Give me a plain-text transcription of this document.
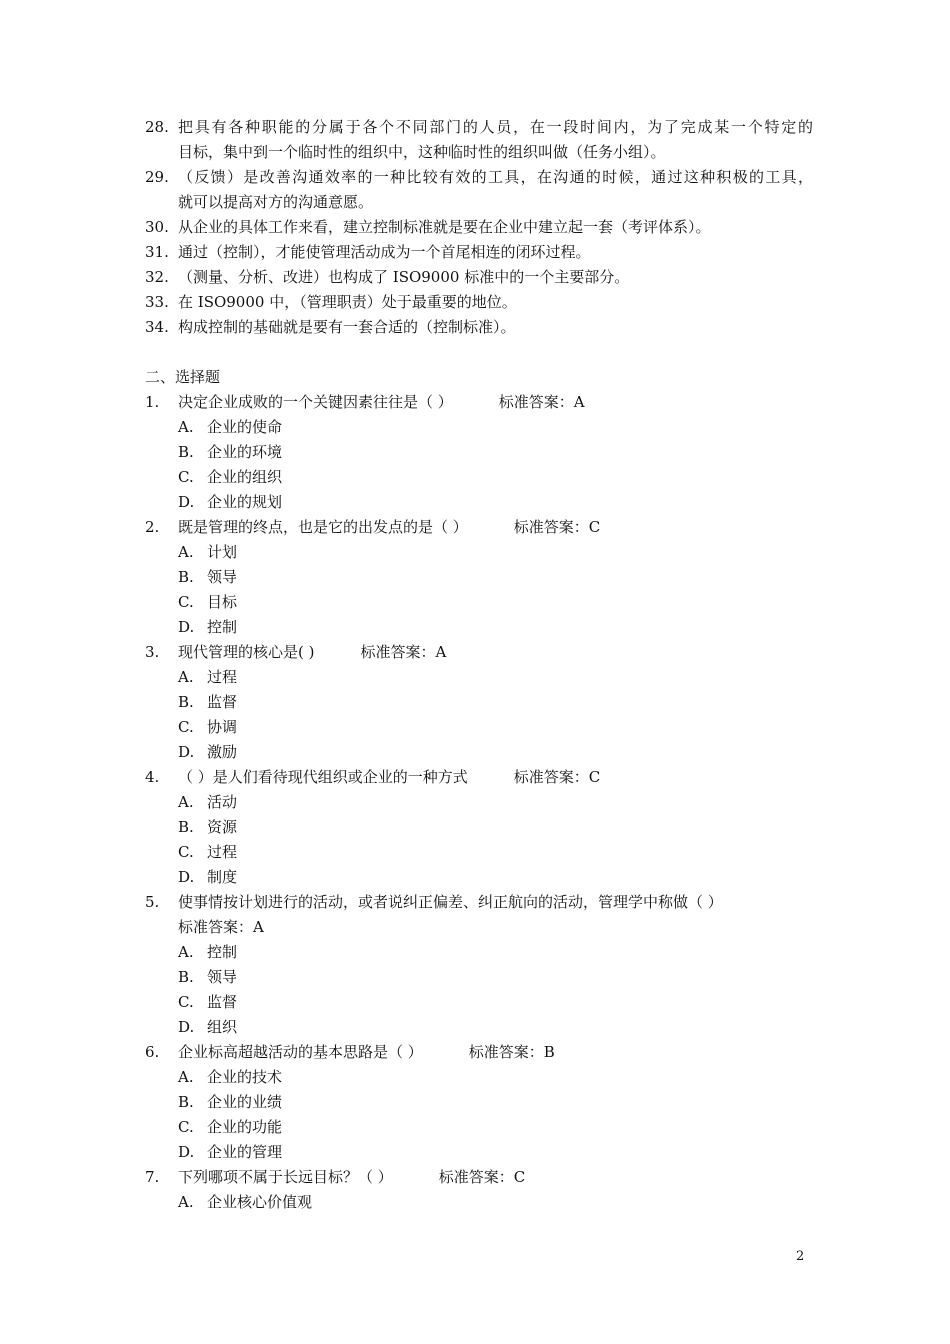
28. 把具有各种职能的分属于各个不同部门的人员，在一段时间内，为了完成某一个特定的
目标，集中到一个临时性的组织中，这种临时性的组织叫做（任务小组）。
29. （反馈）是改善沟通效率的一种比较有效的工具，在沟通的时候，通过这种积极的工具，
就可以提高对方的沟通意愿。
30. 从企业的具体工作来看，建立控制标准就是要在企业中建立起一套（考评体系）。
31. 通过（控制），才能使管理活动成为一个首尾相连的闭环过程。
32. （测量、分析、改进）也构成了 ISO9000 标准中的一个主要部分。
33. 在 ISO9000 中，（管理职责）处于最重要的地位。
34. 构成控制的基础就是要有一套合适的（控制标准）。
二、选择题
1. 决定企业成败的一个关键因素往往是（ ）	标准答案：A
A. 企业的使命
B. 企业的环境
C. 企业的组织
D. 企业的规划
2. 既是管理的终点，也是它的出发点的是（ ）	标准答案：C
A. 计划
B. 领导
C. 目标
D. 控制
3. 现代管理的核心是( )	标准答案：A
A. 过程
B. 监督
C. 协调
D. 激励
4. （ ）是人们看待现代组织或企业的一种方式	标准答案：C
A. 活动
B. 资源
C. 过程
D. 制度
5. 使事情按计划进行的活动，或者说纠正偏差、纠正航向的活动，管理学中称做（ ）
标准答案：A
A. 控制
B. 领导
C. 监督
D. 组织
6. 企业标高超越活动的基本思路是（ ）	标准答案：B
A. 企业的技术
B. 企业的业绩
C. 企业的功能
D. 企业的管理
7. 下列哪项不属于长远目标？（ ）	标准答案：C
A. 企业核心价值观
2
